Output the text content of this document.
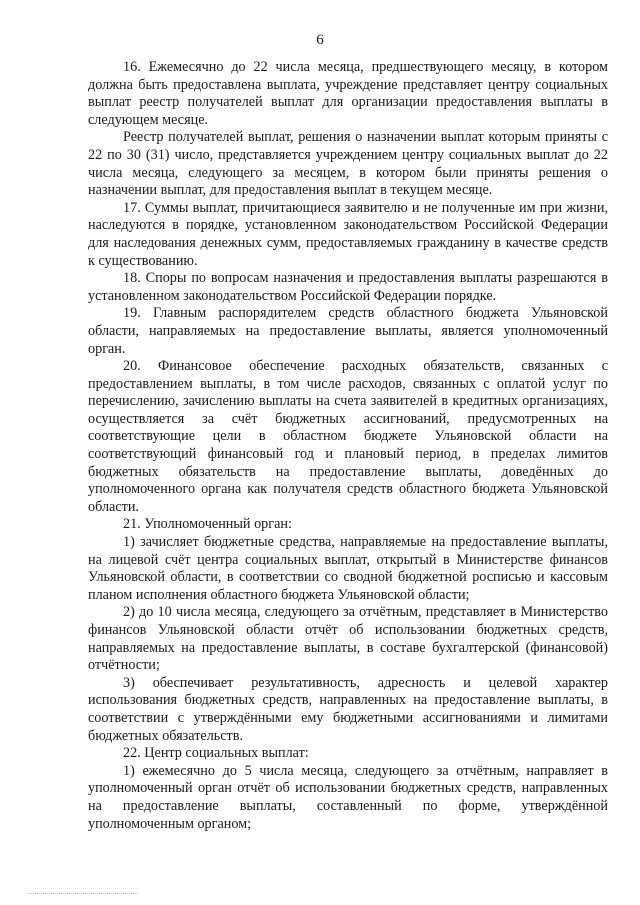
6

16. Ежемесячно до 22 числа месяца, предшествующего месяцу, в котором должна быть предоставлена выплата, учреждение представляет центру социальных выплат реестр получателей выплат для организации предоставления выплаты в следующем месяце.

Реестр получателей выплат, решения о назначении выплат которым приняты с 22 по 30 (31) число, представляется учреждением центру социальных выплат до 22 числа месяца, следующего за месяцем, в котором были приняты решения о назначении выплат, для предоставления выплат в текущем месяце.

17. Суммы выплат, причитающиеся заявителю и не полученные им при жизни, наследуются в порядке, установленном законодательством Российской Федерации для наследования денежных сумм, предоставляемых гражданину в качестве средств к существованию.

18. Споры по вопросам назначения и предоставления выплаты разрешаются в установленном законодательством Российской Федерации порядке.

19. Главным распорядителем средств областного бюджета Ульяновской области, направляемых на предоставление выплаты, является уполномоченный орган.

20. Финансовое обеспечение расходных обязательств, связанных с предоставлением выплаты, в том числе расходов, связанных с оплатой услуг по перечислению, зачислению выплаты на счета заявителей в кредитных организациях, осуществляется за счёт бюджетных ассигнований, предусмотренных на соответствующие цели в областном бюджете Ульяновской области на соответствующий финансовый год и плановый период, в пределах лимитов бюджетных обязательств на предоставление выплаты, доведённых до уполномоченного органа как получателя средств областного бюджета Ульяновской области.

21. Уполномоченный орган:

1) зачисляет бюджетные средства, направляемые на предоставление выплаты, на лицевой счёт центра социальных выплат, открытый в Министерстве финансов Ульяновской области, в соответствии со сводной бюджетной росписью и кассовым планом исполнения областного бюджета Ульяновской области;

2) до 10 числа месяца, следующего за отчётным, представляет в Министерство финансов Ульяновской области отчёт об использовании бюджетных средств, направляемых на предоставление выплаты, в составе бухгалтерской (финансовой) отчётности;

3) обеспечивает результативность, адресность и целевой характер использования бюджетных средств, направленных на предоставление выплаты, в соответствии с утверждёнными ему бюджетными ассигнованиями и лимитами бюджетных обязательств.

22. Центр социальных выплат:

1) ежемесячно до 5 числа месяца, следующего за отчётным, направляет в уполномоченный орган отчёт об использовании бюджетных средств, направленных на предоставление выплаты, составленный по форме, утверждённой уполномоченным органом;
